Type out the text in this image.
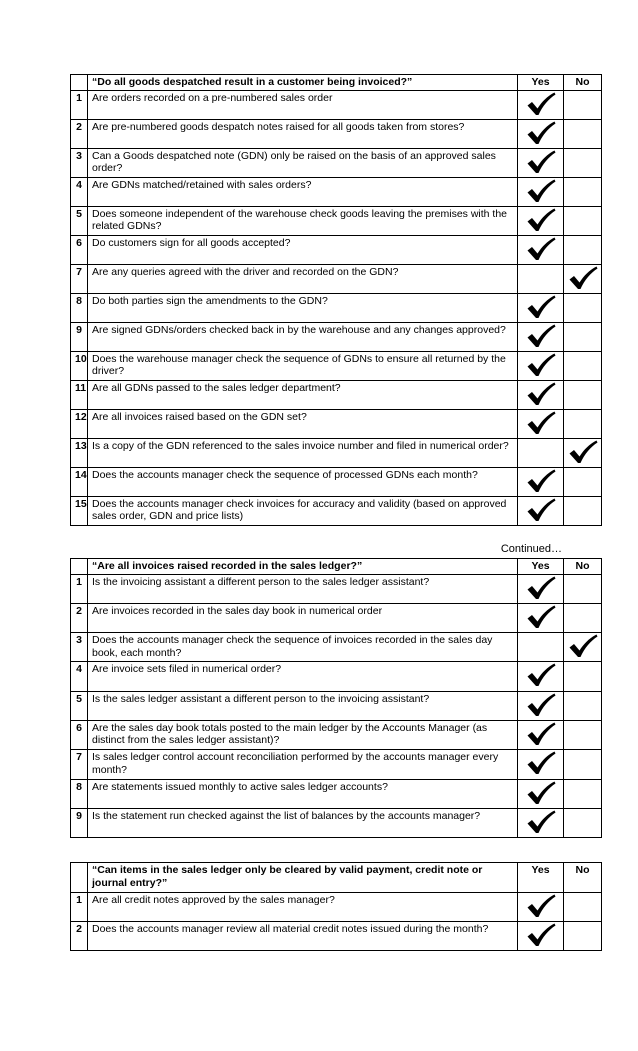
	“Do all goods despatched result in a customer being invoiced?”	Yes	No
1	Are orders recorded on a pre-numbered sales order	

2	Are pre-numbered goods despatch notes raised for all goods taken from stores?	

3	Can a Goods despatched note (GDN) only be raised on the basis of an approved sales order?	

4	Are GDNs matched/retained with sales orders?	

5	Does someone independent of the warehouse check goods leaving the premises with the related GDNs?	

6	Do customers sign for all goods accepted?	

7	Are any queries agreed with the driver and recorded on the GDN?		

8	Do both parties sign the amendments to the GDN?	

9	Are signed GDNs/orders checked back in by the warehouse and any changes approved?	

10	Does the warehouse manager check the sequence of GDNs to ensure all returned by the driver?	

11	Are all GDNs passed to the sales ledger department?	

12	Are all invoices raised based on the GDN set?	

13	Is a copy of the GDN referenced to the sales invoice number and filed in numerical order?		

14	Does the accounts manager check the sequence of processed GDNs each month?	

15	Does the accounts manager check invoices for accuracy and validity (based on approved sales order, GDN and price lists)	

Continued…
	“Are all invoices raised recorded in the sales ledger?”	Yes	No
1	Is the invoicing assistant a different person to the sales ledger assistant?	

2	Are invoices recorded in the sales day book in numerical order	

3	Does the accounts manager check the sequence of invoices recorded in the sales day book, each month?		

4	Are invoice sets filed in numerical order?	

5	Is the sales ledger assistant a different person to the invoicing assistant?	

6	Are the sales day book totals posted to the main ledger by the Accounts Manager (as distinct from the sales ledger assistant)?	

7	Is sales ledger control account reconciliation performed by the accounts manager every month?	

8	Are statements issued monthly to active sales ledger accounts?	

9	Is the statement run checked against the list of balances by the accounts manager?	

	“Can items in the sales ledger only be cleared by valid payment, credit note or journal entry?”	Yes	No
1	Are all credit notes approved by the sales manager?	

2	Does the accounts manager review all material credit notes issued during the month?	
